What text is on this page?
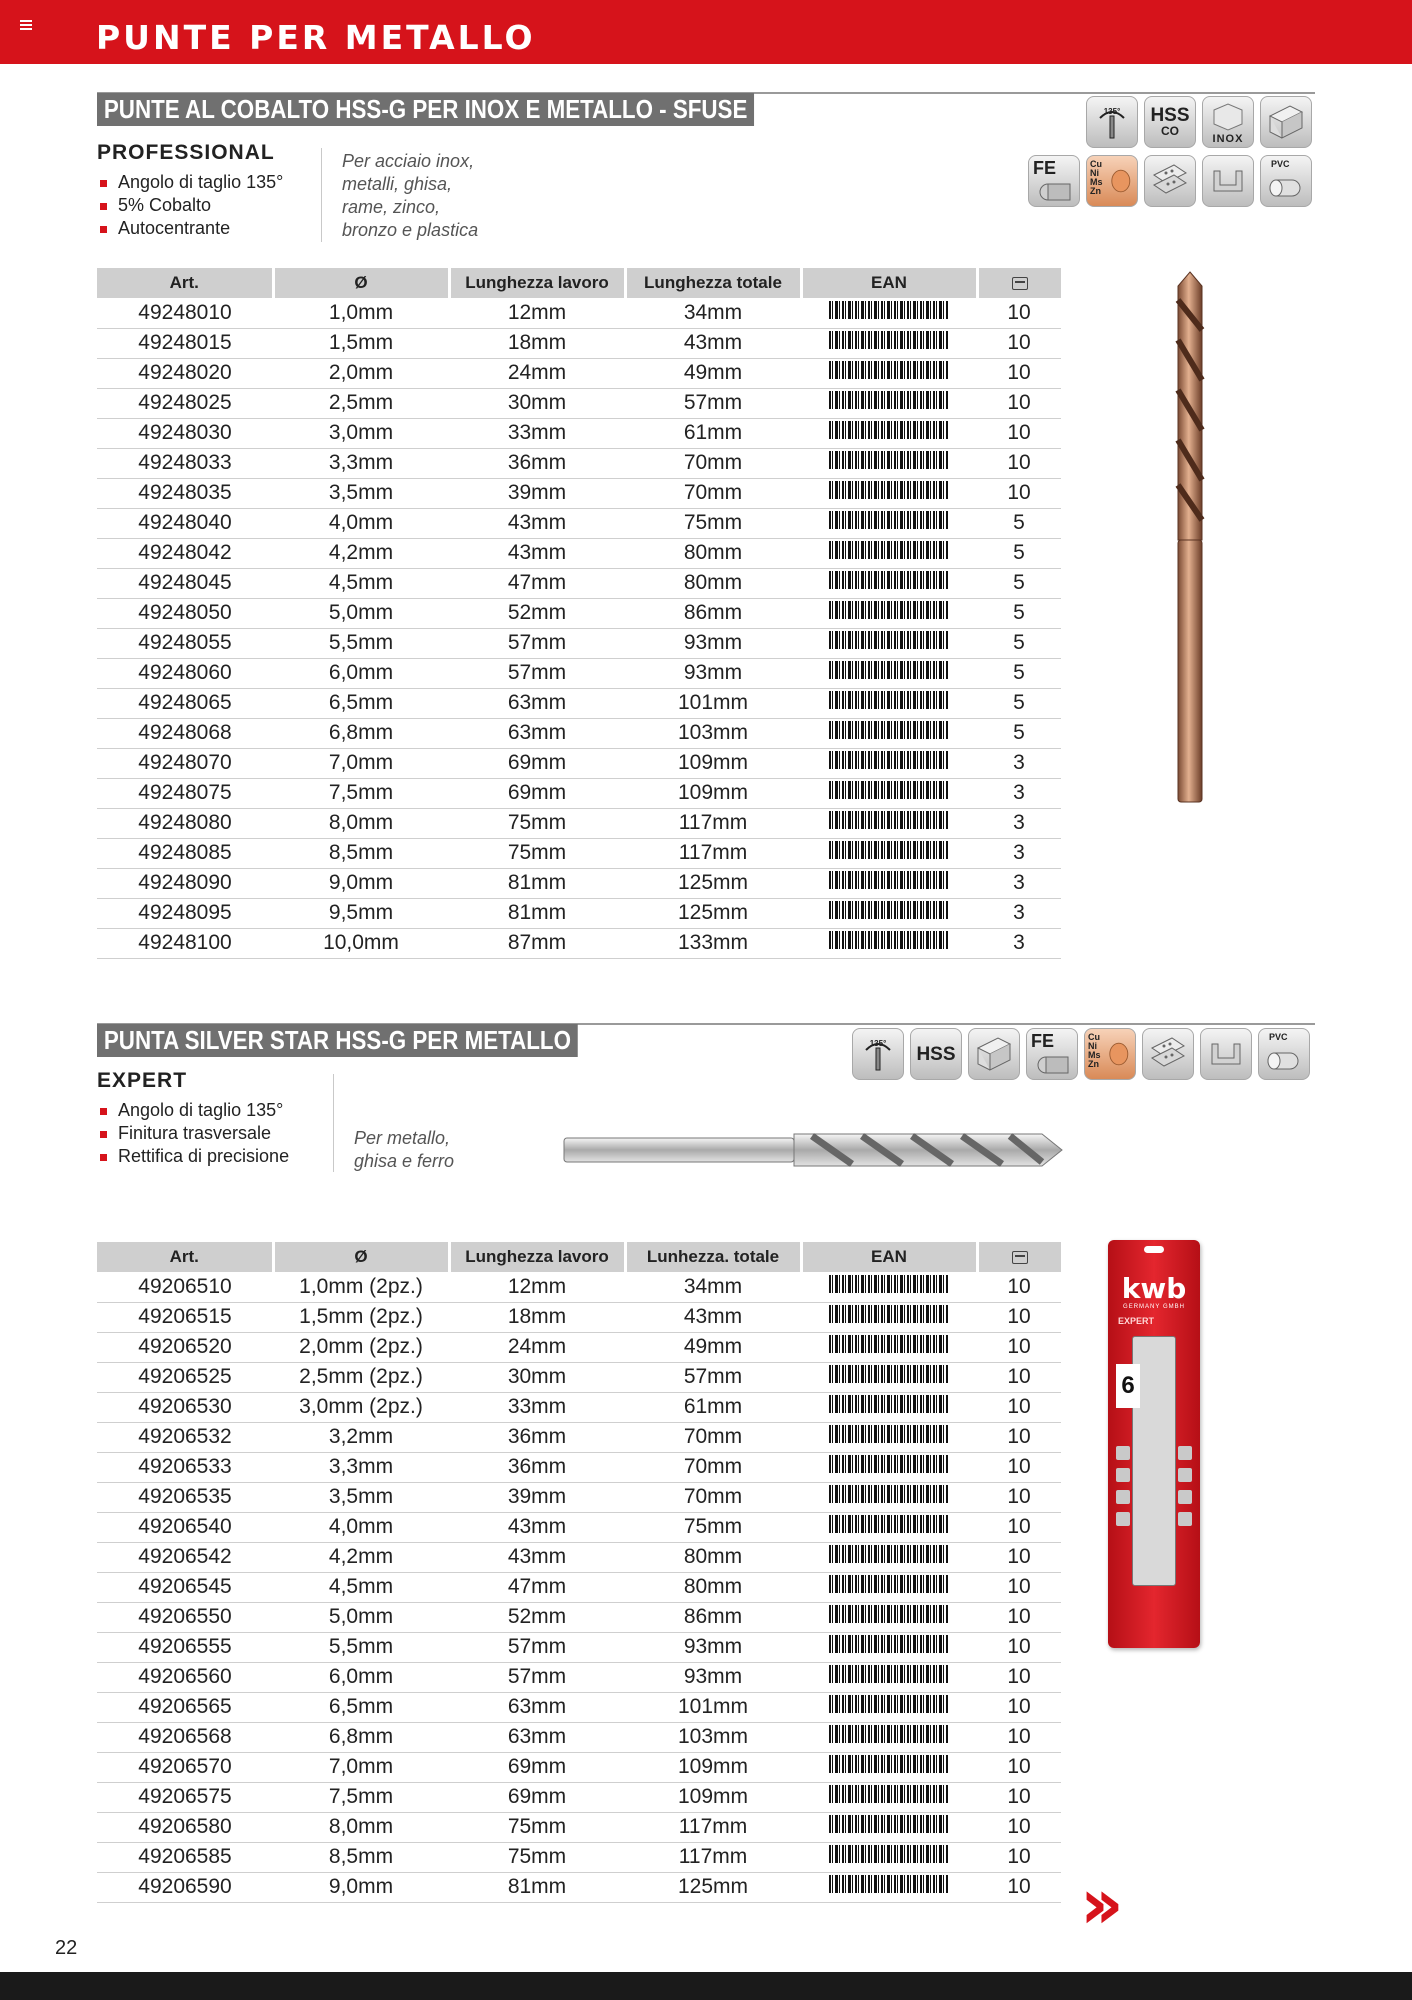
PUNTE PER METALLO
PUNTE AL COBALTO HSS-G PER INOX E METALLO - SFUSE
PROFESSIONAL
Angolo di taglio 135°
5% Cobalto
Autocentrante
Per acciaio inox,
metalli, ghisa,
rame, zinco,
bronzo e plastica
135° HSS
CO
INOX
FE	Cu
Ni
Ms
Zn
PVC
Art.	Ø	Lunghezza lavoro	Lunghezza totale	EAN	
49248010	1,0mm	12mm	34mm		10
49248015	1,5mm	18mm	43mm		10
49248020	2,0mm	24mm	49mm		10
49248025	2,5mm	30mm	57mm		10
49248030	3,0mm	33mm	61mm		10
49248033	3,3mm	36mm	70mm		10
49248035	3,5mm	39mm	70mm		10
49248040	4,0mm	43mm	75mm		5
49248042	4,2mm	43mm	80mm		5
49248045	4,5mm	47mm	80mm		5
49248050	5,0mm	52mm	86mm		5
49248055	5,5mm	57mm	93mm		5
49248060	6,0mm	57mm	93mm		5
49248065	6,5mm	63mm	101mm		5
49248068	6,8mm	63mm	103mm		5
49248070	7,0mm	69mm	109mm		3
49248075	7,5mm	69mm	109mm		3
49248080	8,0mm	75mm	117mm		3
49248085	8,5mm	75mm	117mm		3
49248090	9,0mm	81mm	125mm		3
49248095	9,5mm	81mm	125mm		3
49248100	10,0mm	87mm	133mm		3
PUNTA SILVER STAR HSS-G PER METALLO
EXPERT
Angolo di taglio 135°
Finitura trasversale
Rettifica di precisione
Per metallo,
ghisa e ferro
135° HSS
FE	Cu
Ni
Ms
Zn
PVC
Art.	Ø	Lunghezza lavoro	Lunhezza. totale	EAN	
49206510	1,0mm (2pz.)	12mm	34mm		10
49206515	1,5mm (2pz.)	18mm	43mm		10
49206520	2,0mm (2pz.)	24mm	49mm		10
49206525	2,5mm (2pz.)	30mm	57mm		10
49206530	3,0mm (2pz.)	33mm	61mm		10
49206532	3,2mm	36mm	70mm		10
49206533	3,3mm	36mm	70mm		10
49206535	3,5mm	39mm	70mm		10
49206540	4,0mm	43mm	75mm		10
49206542	4,2mm	43mm	80mm		10
49206545	4,5mm	47mm	80mm		10
49206550	5,0mm	52mm	86mm		10
49206555	5,5mm	57mm	93mm		10
49206560	6,0mm	57mm	93mm		10
49206565	6,5mm	63mm	101mm		10
49206568	6,8mm	63mm	103mm		10
49206570	7,0mm	69mm	109mm		10
49206575	7,5mm	69mm	109mm		10
49206580	8,0mm	75mm	117mm		10
49206585	8,5mm	75mm	117mm		10
49206590	9,0mm	81mm	125mm		10
kwb
GERMANY GMBH
EXPERT
6
››
22
